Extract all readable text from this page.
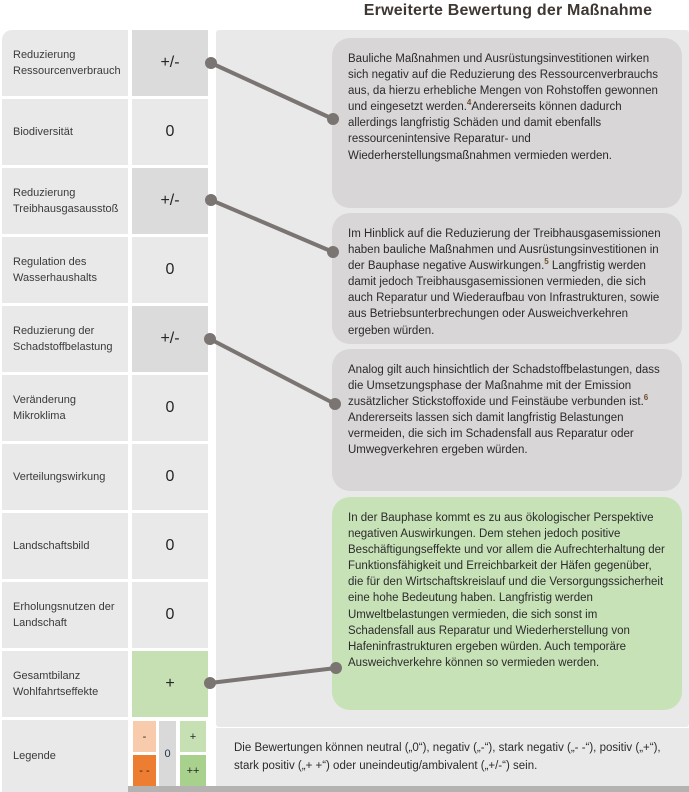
Erweiterte Bewertung der Maßnahme
Reduzierung Ressourcenverbrauch	+/-
Biodiversität	0
Reduzierung Treibhausgasausstoß	+/-
Regulation des Wasserhaushalts	0
Reduzierung der Schadstoffbelastung	+/-
Veränderung Mikroklima	0
Verteilungswirkung	0
Landschaftsbild	0
Erholungsnutzen der Landschaft	0
Gesamtbilanz Wohlfahrtseffekte	+
Legende
-
- -
0
+
++
Bauliche Maßnahmen und Ausrüstungsinvestitionen wirken sich negativ auf die Reduzierung des Ressourcenverbrauchs aus, da hierzu erhebliche Mengen von Rohstoffen gewonnen und eingesetzt werden.$^4$Andererseits können dadurch allerdings langfristig Schäden und damit ebenfalls ressourcenintensive Reparatur- und Wiederherstellungsmaßnahmen vermieden werden.
Im Hinblick auf die Reduzierung der Treibhausgasemissionen haben bauliche Maßnahmen und Ausrüstungsinvestitionen in der Bauphase negative Auswirkungen.$^5$ Langfristig werden damit jedoch Treibhausgasemissionen vermieden, die sich auch Reparatur und Wiederaufbau von Infrastrukturen, sowie aus Betriebsunterbrechungen oder Ausweichverkehren ergeben würden.
Analog gilt auch hinsichtlich der Schadstoffbelastungen, dass die Umsetzungsphase der Maßnahme mit der Emission zusätzlicher Stickstoffoxide und Feinstäube verbunden ist.$^6$ Andererseits lassen sich damit langfristig Belastungen vermeiden, die sich im Schadensfall aus Reparatur oder Umwegverkehren ergeben würden.
In der Bauphase kommt es zu aus ökologischer Perspektive negativen Auswirkungen. Dem stehen jedoch positive Beschäftigungseffekte und vor allem die Aufrechterhaltung der Funktionsfähigkeit und Erreichbarkeit der Häfen gegenüber, die für den Wirtschaftskreislauf und die Versorgungssicherheit eine hohe Bedeutung haben. Langfristig werden Umweltbelastungen vermieden, die sich sonst im Schadensfall aus Reparatur und Wiederherstellung von Hafeninfrastrukturen ergeben würden. Auch temporäre Ausweichverkehre können so vermieden werden.
Die Bewertungen können neutral („0“), negativ („-“), stark negativ („- -“), positiv („+“), stark positiv („+ +“) oder uneindeutig/ambivalent („+/-“) sein.
